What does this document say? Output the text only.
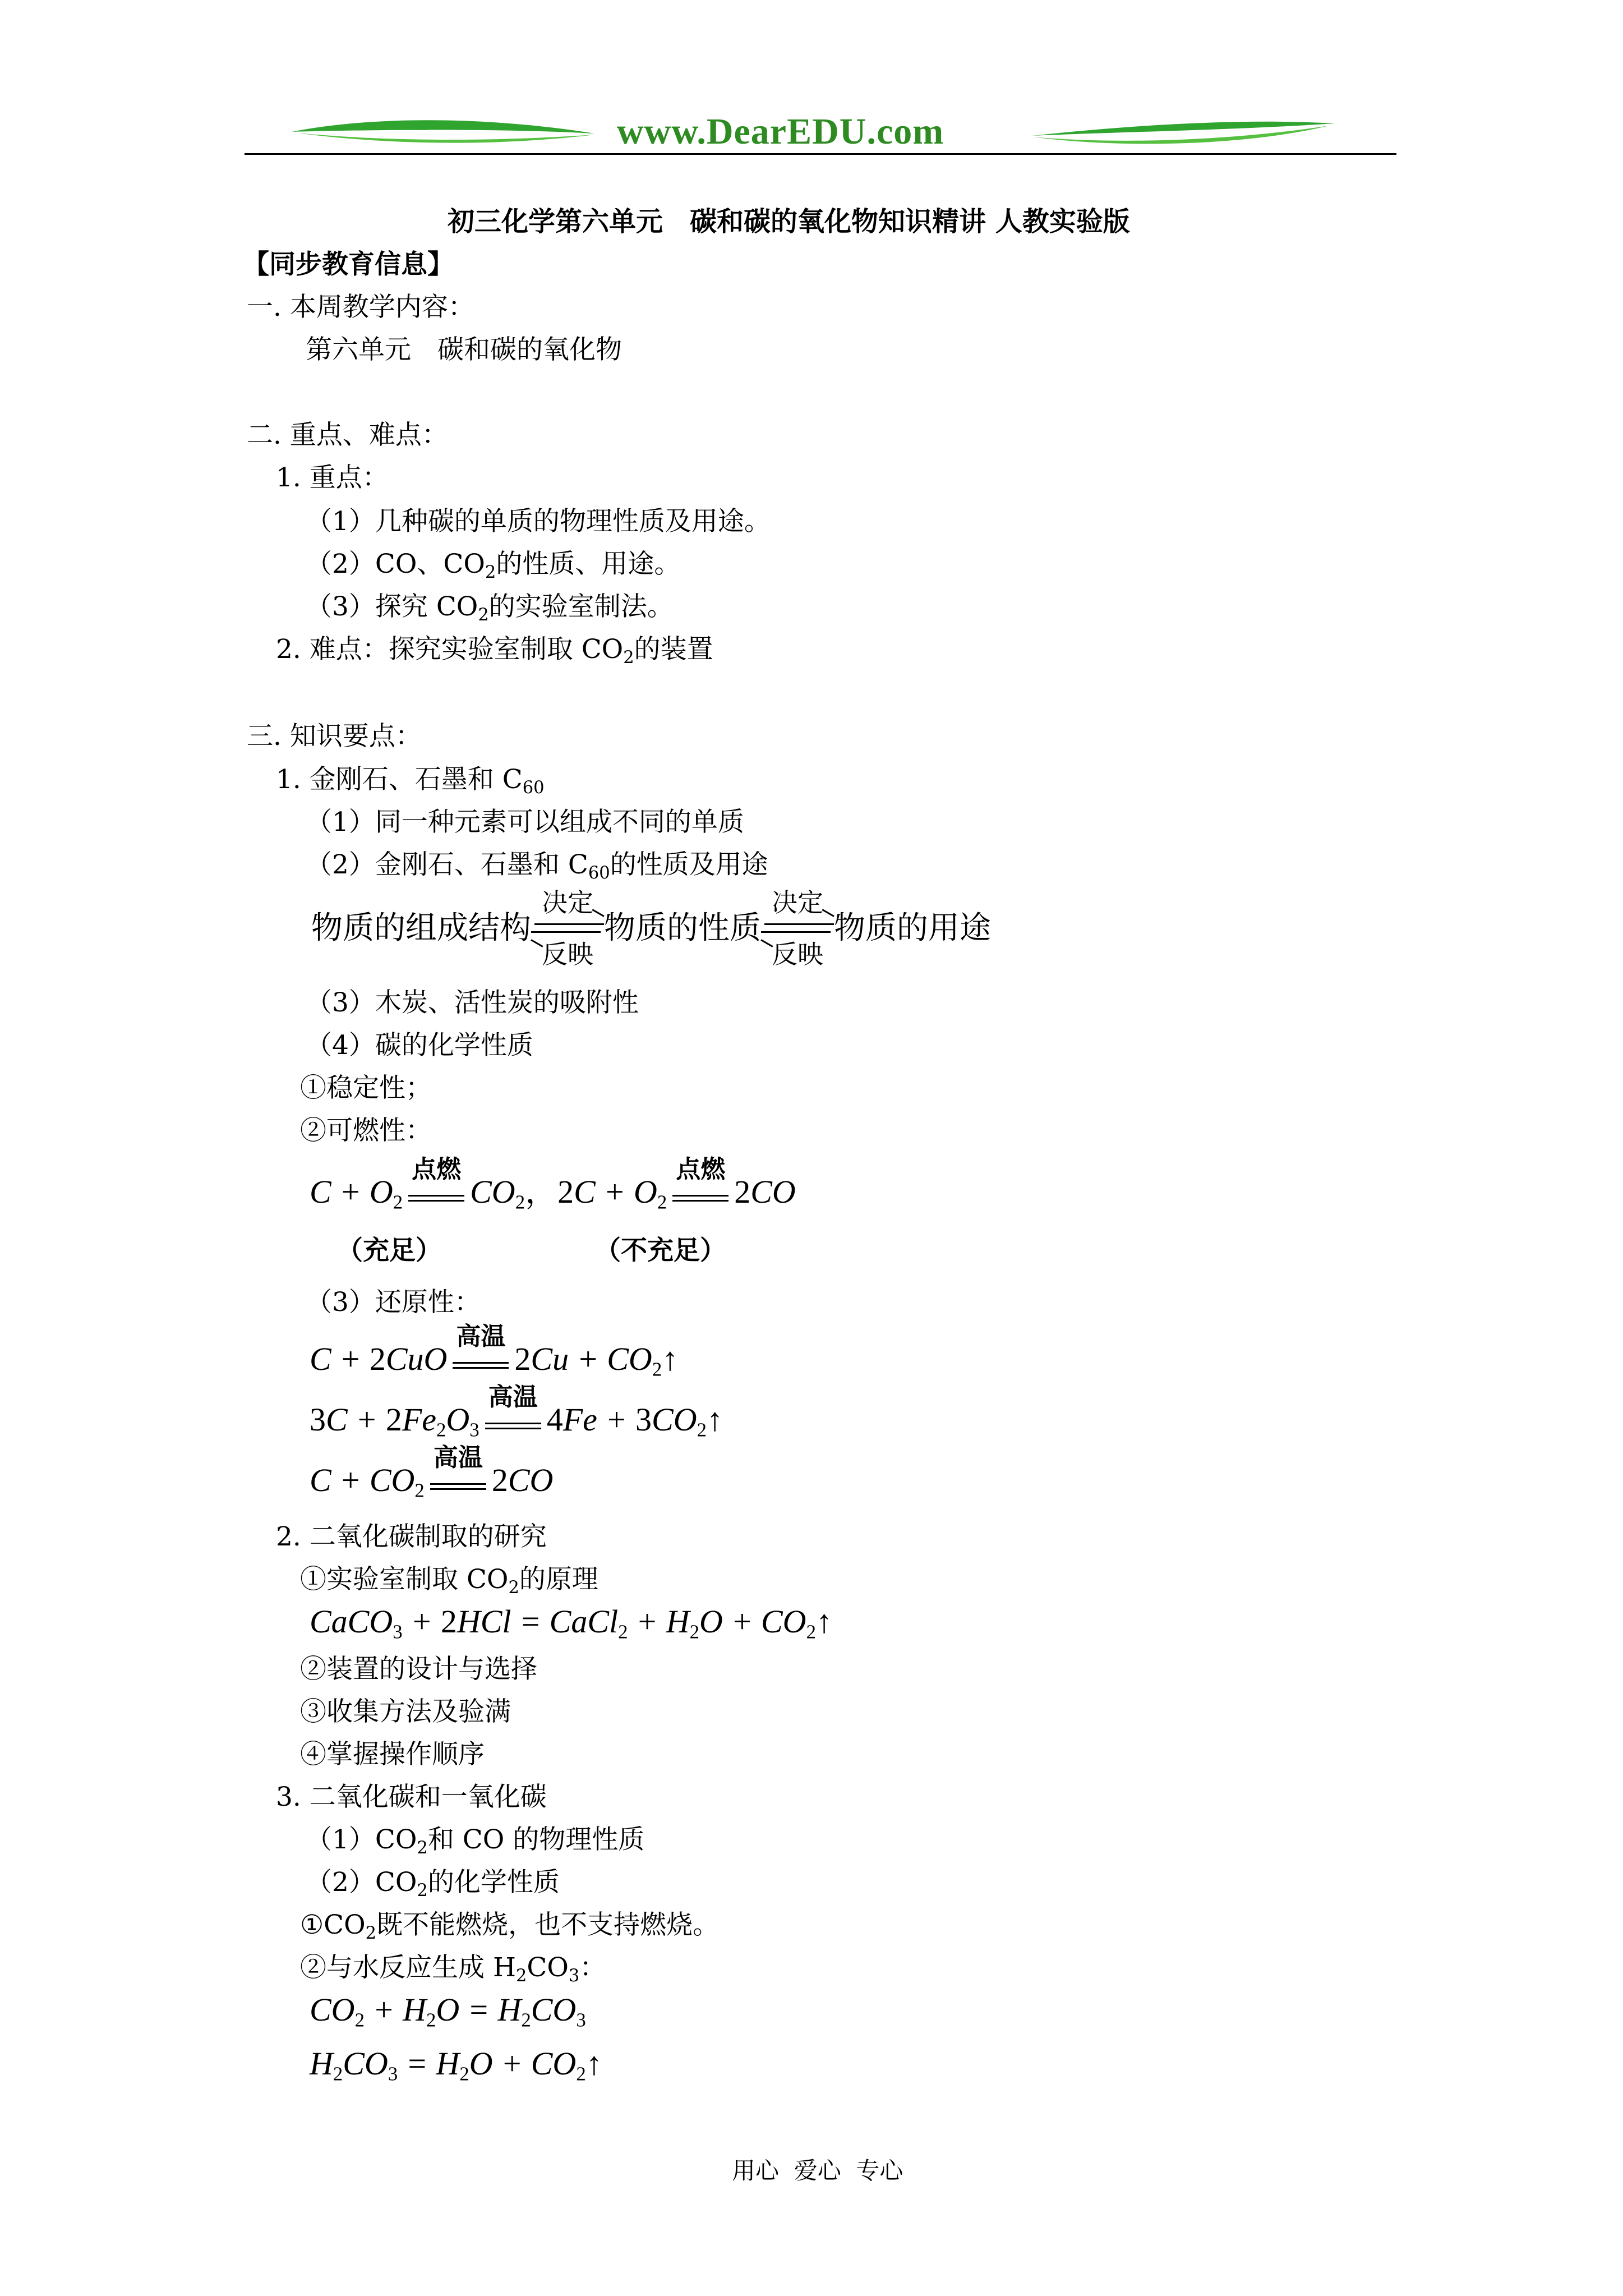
www.DearEDU.com
初三化学第六单元　碳和碳的氧化物知识精讲 人教实验版
【同步教育信息】
一. 本周教学内容：
第六单元　碳和碳的氧化物
二. 重点、难点：
1. 重点：
（1）几种碳的单质的物理性质及用途。
（2）CO、$CO_2$的性质、用途。
（3）探究 $CO_2$的实验室制法。
2. 难点：探究实验室制取 $CO_2$的装置
三. 知识要点：
1. 金刚石、石墨和 $C_{60}$
（1）同一种元素可以组成不同的单质
（2）金刚石、石墨和 $C_{60}$的性质及用途
物质的组成结构
决定
反映
物质的性质
决定
反映
物质的用途
（3）木炭、活性炭的吸附性
（4）碳的化学性质
①稳定性；
②可燃性：
$C + O_2$
点燃
$CO_2$，$2C + O_2$
点燃
2CO
（充足）	（不充足）
（3）还原性：
C + 2CuO
高温
$2Cu + CO_2↑$
$3C + 2Fe_2O_3$
高温
$4Fe + 3CO_2↑$
$C + CO_2$
高温
2CO
2. 二氧化碳制取的研究
①实验室制取 $CO_2$的原理
CaCO$_3$ + 2HCl = CaCl$_2$ + $H_2O$ + $CO_2↑$
②装置的设计与选择
③收集方法及验满
④掌握操作顺序
3. 二氧化碳和一氧化碳
$(1)CO_2$和 CO 的物理性质
$(2)CO_2$的化学性质
$①CO_2$既不能燃烧，也不支持燃烧。
②与水反应生成 $H_2CO_3$：
$CO_2 + H_2O = H_2CO_3$
$H_2CO_3 = H_2O$ + $CO_2↑$
用心  爱心  专心
